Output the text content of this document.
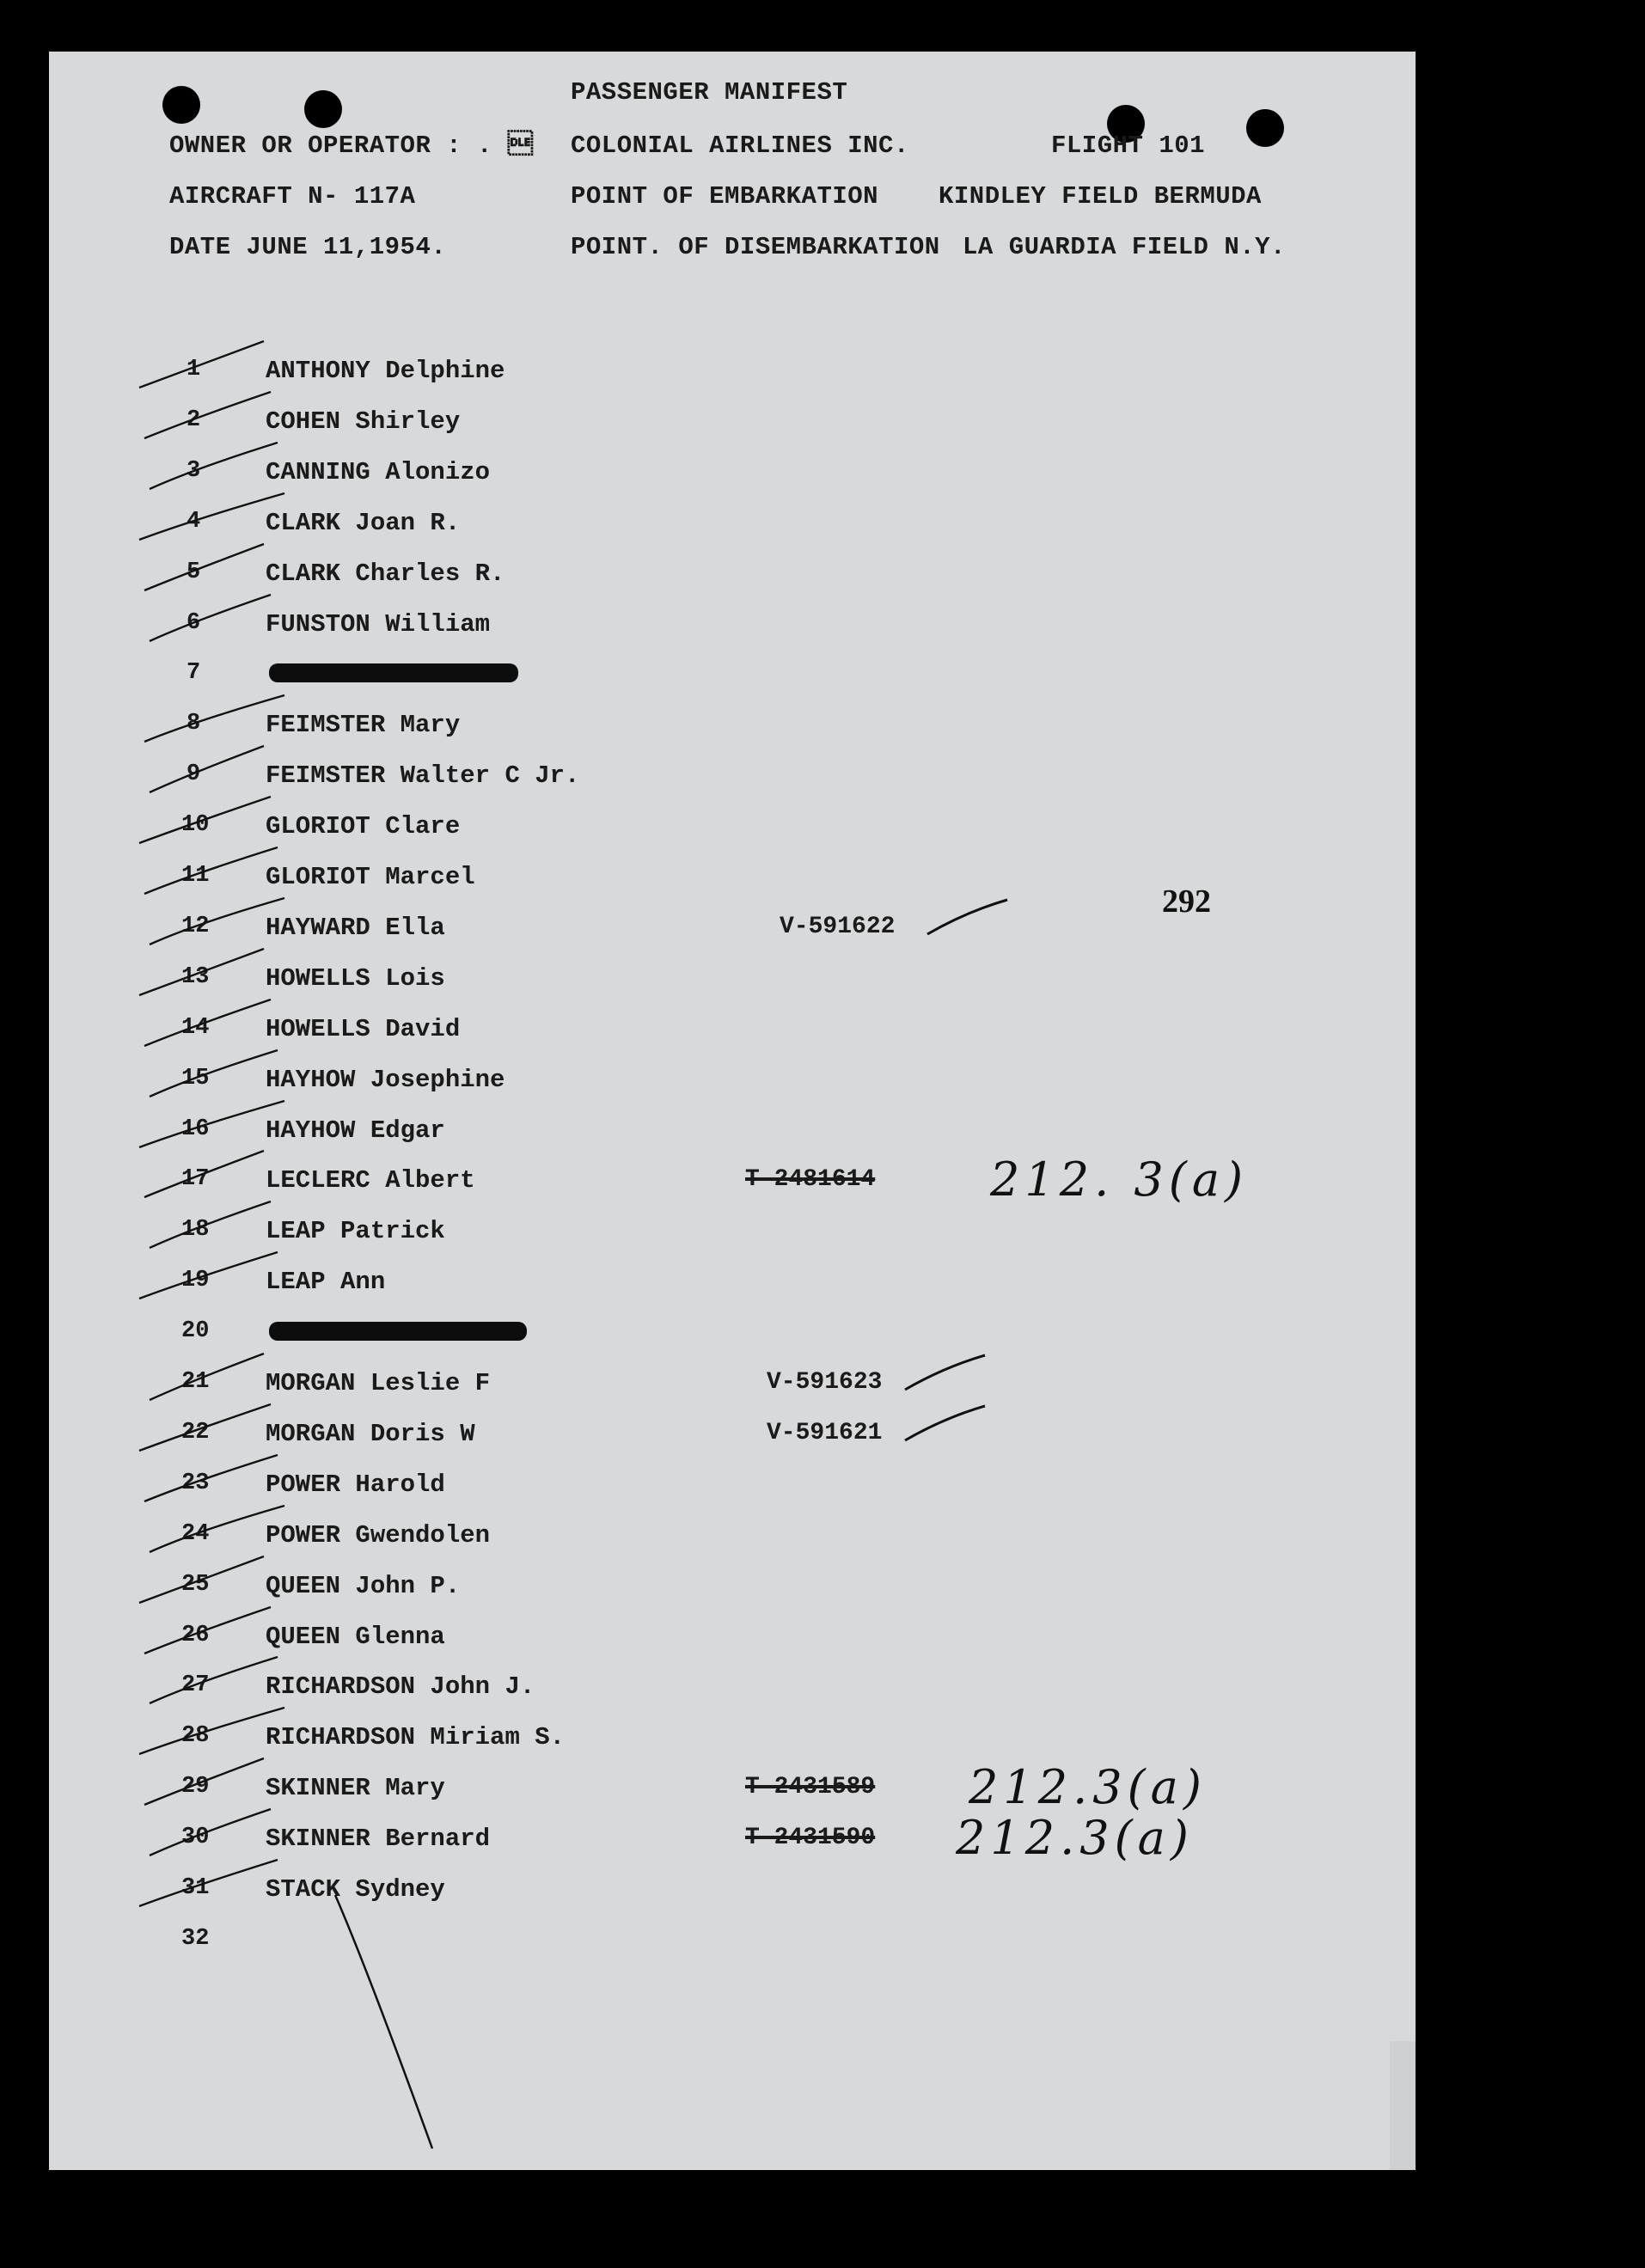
PASSENGER MANIFEST
OWNER OR OPERATOR : .  COLONIAL AIRLINES INC.	FLIGHT 101
AIRCRAFT N- 117A	POINT OF EMBARKATION KINDLEY FIELD BERMUDA
DATE JUNE 11,1954.	POINT. OF DISEMBARKATION LA GUARDIA FIELD N.Y.
292
1	ANTHONY Delphine
2	COHEN Shirley
3	CANNING Alonizo
4	CLARK Joan R.
5	CLARK Charles R.
6	FUNSTON William
7
8	FEIMSTER Mary
9	FEIMSTER Walter C Jr.
10 GLORIOT Clare
11 GLORIOT Marcel
12 HAYWARD Ella	V-591622
13 HOWELLS Lois
14 HOWELLS David
15 HAYHOW Josephine
16 HAYHOW Edgar
17 LECLERC Albert	T-2481614 212. 3(a)
18 LEAP Patrick
19 LEAP Ann
20
21 MORGAN Leslie F	V-591623
22 MORGAN Doris W	V-591621
23 POWER Harold
24 POWER Gwendolen
25 QUEEN John P.
26 QUEEN Glenna
27 RICHARDSON John J.
28 RICHARDSON Miriam S.
29 SKINNER Mary	T-2431589 212.3(a)
30 SKINNER Bernard	T-2431590 212.3(a)
31 STACK Sydney
32
